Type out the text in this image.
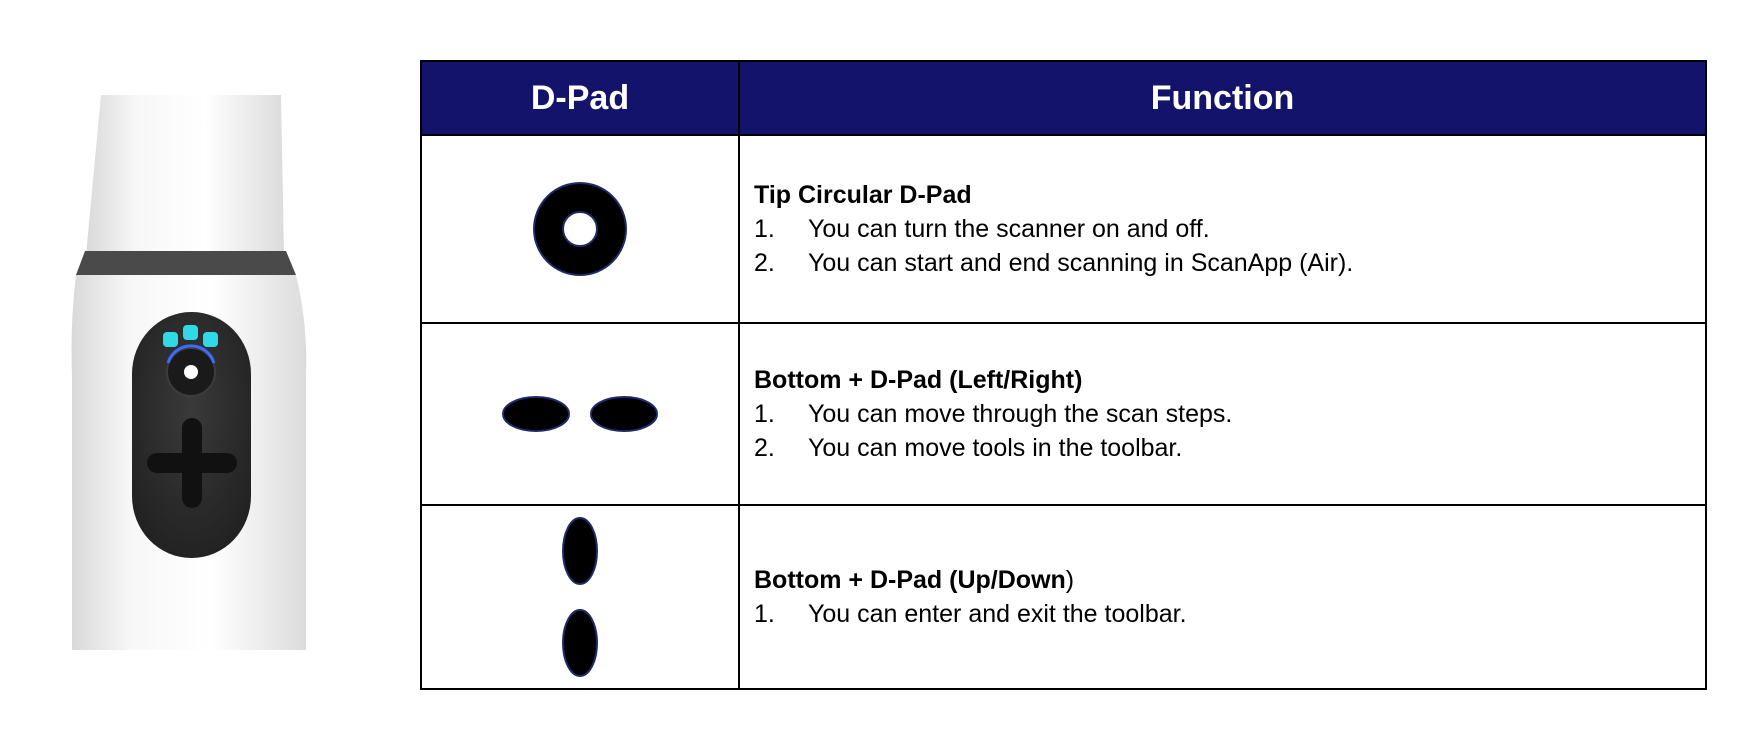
D-Pad	Function

Tip Circular D-Pad
1. You can turn the scanner on and off.
2. You can start and end scanning in ScanApp (Air).

Bottom + D-Pad (Left/Right)
1. You can move through the scan steps.
2. You can move tools in the toolbar.

Bottom + D-Pad (Up/Down)
1. You can enter and exit the toolbar.
